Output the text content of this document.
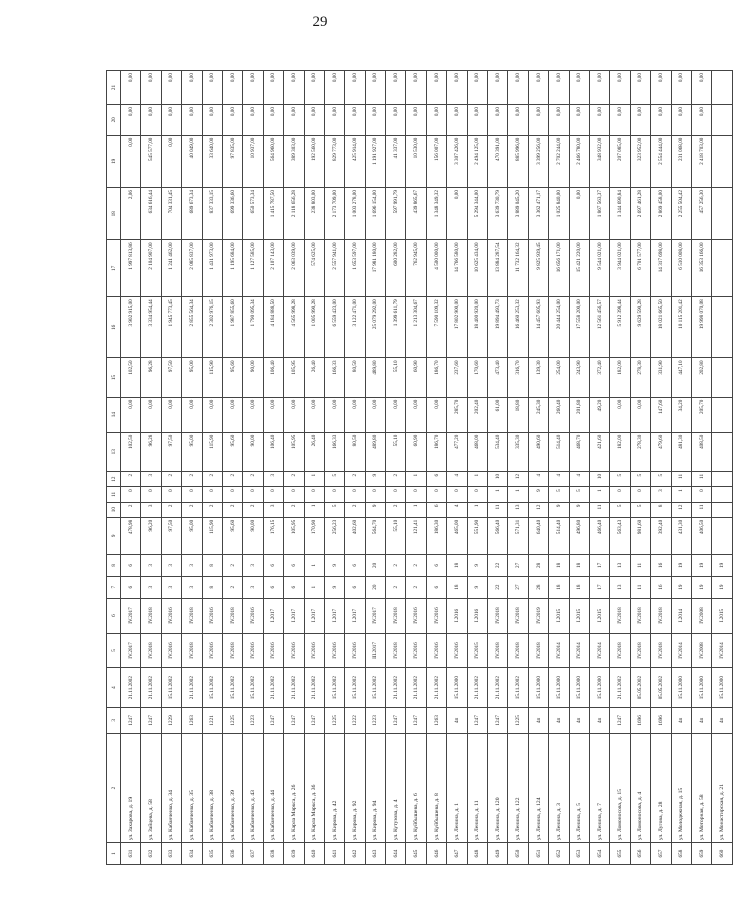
29
1	2	3	4	5	6	7	8	9	10	11	12	13	14	15	16	17	18	19	20	21
631	ул. Захарова, д. 19	1247	21.11.2002	IV.2017	IV.2017	6	6	478,98	2	0	2	102,50	0,00	102,50	3 902 915,00	1 997 813,86	2,06	0,00	0,00	0,00
632	ул. Зайцева, д. 58	1247	21.11.2002	IV.2018	IV.2018	3	3	96,20	3	0	3	96,28	0,00	96,28	3 334 954,44	2 104 907,00	634 616,44	545 577,00	0,00	0,00
633	ул. Кабанченко, д. 34	1229	15.11.2002	IV.2016	IV.2016	3	3	97,50	2	0	2	97,50	0,00	97,50	1 945 773,45	1 241 462,00	704 331,45	0,00	0,00	0,00
634	ул. Кабанченко, д. 35	1263	21.11.2002	IV.2018	IV.2018	3	3	95,00	2	0	2	95,00	0,00	95,00	2 855 564,34	2 085 837,00	689 673,34	40 049,00	0,00	0,00
635	ул. Кабанченко, д. 38	1221	15.11.2002	IV.2016	IV.2016	8	8	115,90	2	0	2	115,90	0,00	115,90	2 302 976,15	1 431 973,00	837 333,15	33 640,00	0,00	0,00
636	ул. Кабанченко, д. 39	1225	15.11.2002	IV.2018	IV.2018	2	2	95,60	2	0	2	95,60	0,00	95,60	1 987 855,60	1 195 684,00	699 336,60	97 835,00	0,00	0,00
637	ул. Кабанченко, д. 43	1223	15.11.2002	IV.2016	IV.2016	3	3	90,00	2	0	2	90,00	0,00	90,00	1 790 095,34	1 127 585,00	650 573,34	10 937,00	0,00	0,00
638	ул. Кабанченко, д. 44	1247	21.11.2002	IV.2016	I.2017	6	6	176,15	3	0	3	106,40	0,00	106,40	4 184 888,50	2 107 143,00	1 415 787,50	564 960,00	0,00	0,00
639	ул. Карла Маркса, д. 26	1247	21.11.2002	IV.2016	I.2017	6	6	105,95	2	0	2	105,95	0,00	105,95	4 565 998,28	2 063 039,00	2 118 656,28	389 303,00	0,00	0,00
640	ул. Карла Маркса, д. 36	1247	21.11.2002	IV.2016	I.2017	1	1	170,90	1	0	1	26,40	0,00	26,40	1 005 990,28	574 625,00	238 803,00	192 560,00	0,00	0,00
641	ул. Кирова, д. 42	1225	15.11.2002	IV.2016	I.2017	9	9	256,23	5	0	5	166,33	0,00	166,33	6 559 423,00	2 557 941,00	2 173 709,00	829 773,00	0,00	0,00
642	ул. Кирова, д. 92	1222	15.11.2002	IV.2016	I.2017	6	6	402,60	2	0	2	80,50	0,00	80,50	3 122 471,00	1 653 597,00	1 003 278,00	425 914,00	0,00	0,00
643	ул. Кирова, д. 94	1223	15.11.2002	III.2017	IV.2017	20	20	564,70	9	0	9	489,80	0,00	489,80	25 079 292,00	17 981 180,00	1 696 154,00	1 191 927,00	0,00	0,00
644	ул. Кутузова, д. 4	1247	21.11.2002	IV.2018	IV.2018	2	2	55,10	2	0	2	55,10	0,00	55,10	1 399 611,79	600 282,00	597 991,79	41 337,00	0,00	0,00
645	ул. Куйбышева, д. 6	1247	21.11.2002	IV.2016	IV.2016	2	2	121,41	1	0	1	60,90	0,00	60,90	1 213 304,67	762 945,00	439 865,67	10 530,00	0,00	0,00
646	ул. Куйбышева, д. 8	1263	21.11.2002	IV.2016	IV.2016	6	6	186,30	6	0	6	186,70	0,00	186,70	7 590 109,32	4 500 000,00	1 348 349,32	156 007,00	0,00	0,00
647	ул. Ленина, д. 1	4п	15.11.2000	IV.2016	I.2016	18	18	465,00	4	0	4	477,20	285,70	237,60	17 802 900,00	14 766 580,00	0,00	3 307 426,00	0,00	0,00
648	ул. Ленина, д. 11	1247	21.11.2002	IV.2015	I.2016	9	9	551,90	1	0	1	468,00	202,40	170,60	18 400 920,00	10 625 434,00	5 294 344,00	2 494 125,00	0,00	0,00
649	ул. Ленина, д. 120	1247	21.11.2002	IV.2018	IV.2018	22	22	566,40	11	1	10	534,40	61,00	473,40	19 894 493,73	13 884 287,54	3 639 730,79	470 391,00	0,00	0,00
650	ул. Ленина, д. 122	1225	15.11.2002	IV.2018	IV.2018	27	27	571,31	13	1	12	335,30	18,80	316,70	16 460 253,32	11 732 164,32	3 889 045,20	885 996,00	0,00	0,00
651	ул. Ленина, д. 124	4п	15.11.2000	IV.2018	IV.2019	28	28	640,40	12	9	4	490,60	245,30	139,30	14 457 605,93	9 825 939,45	3 362 471,17	3 399 256,00	0,00	0,00
652	ул. Ленина, д. 3	4п	15.11.2000	IV.2014	I.2015	18	18	514,40	9	5	4	514,40	260,40	254,00	20 444 254,00	16 656 171,00	1 025 840,00	2 702 244,00	0,00	0,00
653	ул. Ленина, д. 5	4п	15.11.2000	IV.2014	I.2015	18	18	496,80	9	5	4	468,70	201,80	243,90	17 558 200,00	15 421 220,00	0,00	2 466 780,00	0,00	0,00
654	ул. Ленина, д. 7	4п	15.11.2000	IV.2014	I.2015	17	17	466,40	11	1	10	421,60	49,20	372,40	12 561 456,57	9 544 021,00	1 867 563,37	348 932,00	0,00	0,00
655	ул. Ломоносова, д. 15	1247	21.11.2002	IV.2018	IV.2018	13	13	563,43	5	0	5	182,00	0,00	182,00	5 912 398,44	3 944 021,00	1 344 690,84	207 085,00	0,00	0,00
656	ул. Ломоносова, д. 4	1696	05.05.2002	IV.2018	IV.2018	11	11	981,60	5	0	5	278,30	0,00	278,30	9 629 590,28	6 701 577,00	2 697 461,28	323 952,00	0,00	0,00
657	ул. Лугова, д. 28	1696	05.05.2002	IV.2018	IV.2018	16	16	392,40	8	3	5	479,60	147,60	331,90	18 021 665,50	14 317 698,00	2 869 458,00	2 554 444,00	0,00	0,00
658	ул. Молодежная, д. 15	4п	15.11.2000	IV.2014	I.2014	19	19	431,30	12	1	11	481,30	34,20	447,10	10 115 201,42	6 510 008,00	2 255 504,42	231 068,00	0,00	0,00
659	ул. Моторная, д. 58	4п	15.11.2000	IV.2008	IV.2008	19	19	406,50	11	0	11	408,50	205,70	202,80	19 998 070,08	16 353 166,00	457 256,30	2 418 703,00	0,00	0,00
660	ул. Монастирская, д. 21	4п	15.11.2000	IV.2014	I.2015	19	19													
